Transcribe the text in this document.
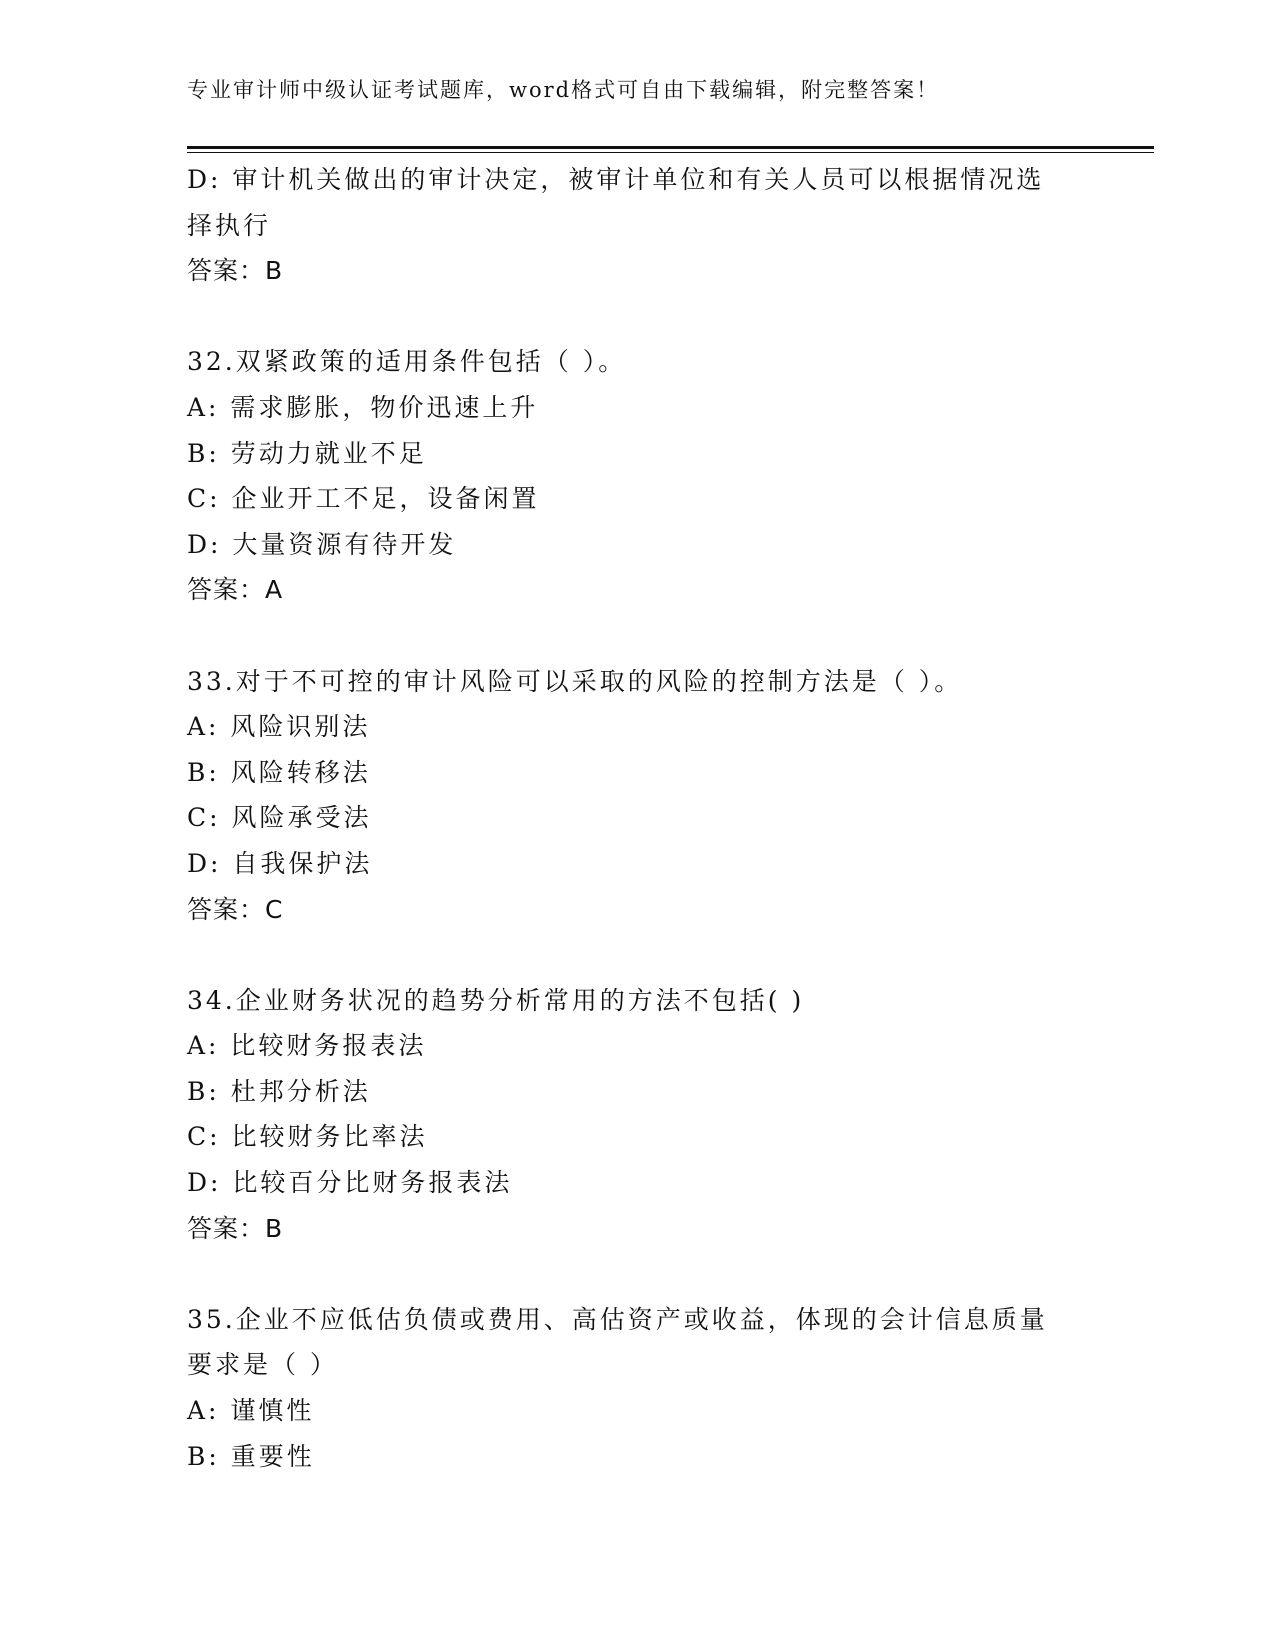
专业审计师中级认证考试题库，word格式可自由下载编辑，附完整答案！
D: 审计机关做出的审计决定，被审计单位和有关人员可以根据情况选
择执行
答案：B
32.双紧政策的适用条件包括（ ）。
A: 需求膨胀，物价迅速上升
B: 劳动力就业不足
C: 企业开工不足，设备闲置
D: 大量资源有待开发
答案：A
33.对于不可控的审计风险可以采取的风险的控制方法是（ ）。
A: 风险识别法
B: 风险转移法
C: 风险承受法
D: 自我保护法
答案：C
34.企业财务状况的趋势分析常用的方法不包括( )
A: 比较财务报表法
B: 杜邦分析法
C: 比较财务比率法
D: 比较百分比财务报表法
答案：B
35.企业不应低估负债或费用、高估资产或收益，体现的会计信息质量
要求是（ ）
A: 谨慎性
B: 重要性
